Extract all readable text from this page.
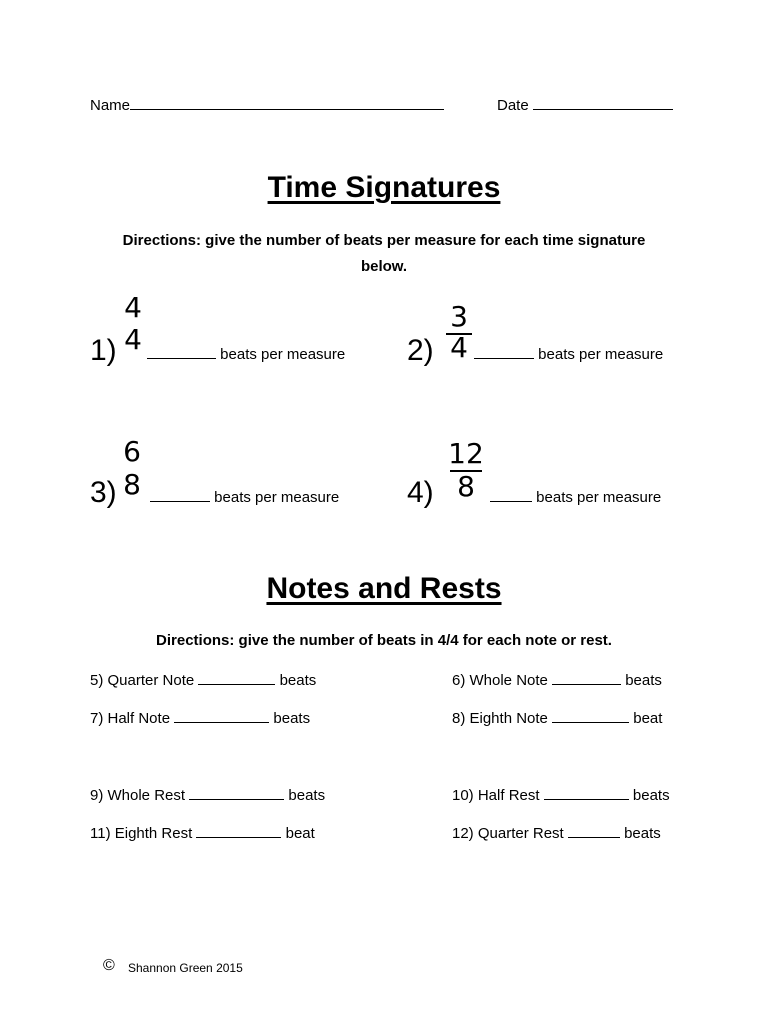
Name	Date
Time Signatures
Directions: give the number of beats per measure for each time signature
below.
1)
4
4	beats per measure 2)
3
4	beats per measure
3)
6
8	beats per measure 4)
12
8	beats per measure
Notes and Rests
Directions: give the number of beats in 4/4 for each note or rest.
5) Quarter Note	beats	6) Whole Note	beats
7) Half Note	beats	8) Eighth Note	beat
9) Whole Rest	beats	10) Half Rest	beats
11) Eighth Rest	beat	12) Quarter Rest	beats
© Shannon Green 2015
